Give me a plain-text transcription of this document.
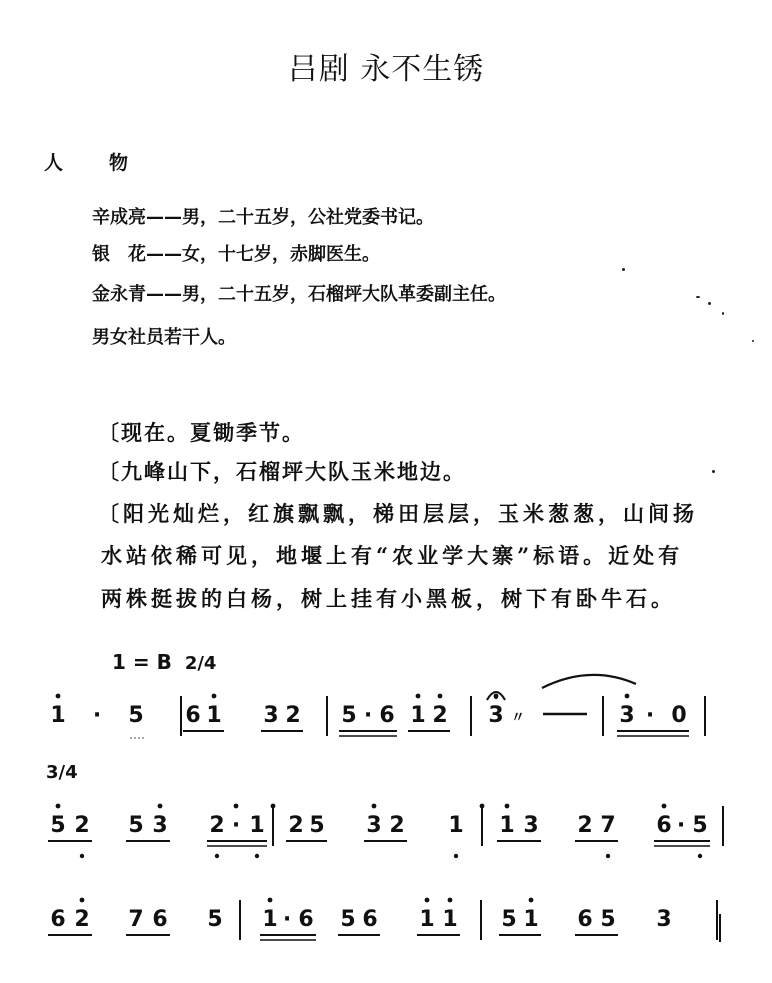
吕剧 永不生锈
人 物
辛成亮——男，二十五岁，公社党委书记。
银　花——女，十七岁，赤脚医生。
金永青——男，二十五岁，石榴坪大队革委副主任。
男女社员若干人。
〔现在。夏锄季节。
〔九峰山下，石榴坪大队玉米地边。
〔阳光灿烂，红旗飘飘，梯田层层，玉米葱葱，山间扬
水站依稀可见，地堰上有“农业学大寨”标语。近处有
两株挺拔的白杨，树上挂有小黑板，树下有卧牛石。
1 = B 2/4
3/4
1 · 5 6 1 3 2 5 · 6 1 2 3 〃	3 · 0
5 2 5 3 2 · 1 2 5 3 2 1 1 3 2 7 6 · 5
6 2 7 6 5 1 · 6 5 6 1 1 5 1 6 5 3
